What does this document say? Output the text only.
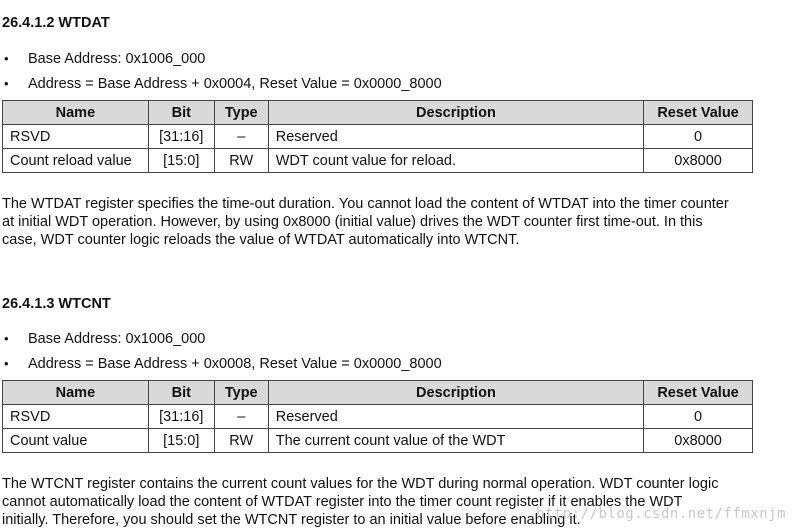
26.4.1.2 WTDAT
• Base Address: 0x1006_000
• Address = Base Address + 0x0004, Reset Value = 0x0000_8000
Name	Bit	Type	Description	Reset Value
RSVD	[31:16]	–	Reserved	0
Count reload value	[15:0]	RW	WDT count value for reload.	0x8000
The WTDAT register specifies the time-out duration. You cannot load the content of WTDAT into the timer counter
at initial WDT operation. However, by using 0x8000 (initial value) drives the WDT counter first time-out. In this
case, WDT counter logic reloads the value of WTDAT automatically into WTCNT.
26.4.1.3 WTCNT
• Base Address: 0x1006_000
• Address = Base Address + 0x0008, Reset Value = 0x0000_8000
Name	Bit	Type	Description	Reset Value
RSVD	[31:16]	–	Reserved	0
Count value	[15:0]	RW	The current count value of the WDT	0x8000
The WTCNT register contains the current count values for the WDT during normal operation. WDT counter logic
cannot automatically load the content of WTDAT register into the timer count register if it enables the WDT
initially. Therefore, you should set the WTCNT register to an initial value before enabling it.
http://blog.csdn.net/ffmxnjm
